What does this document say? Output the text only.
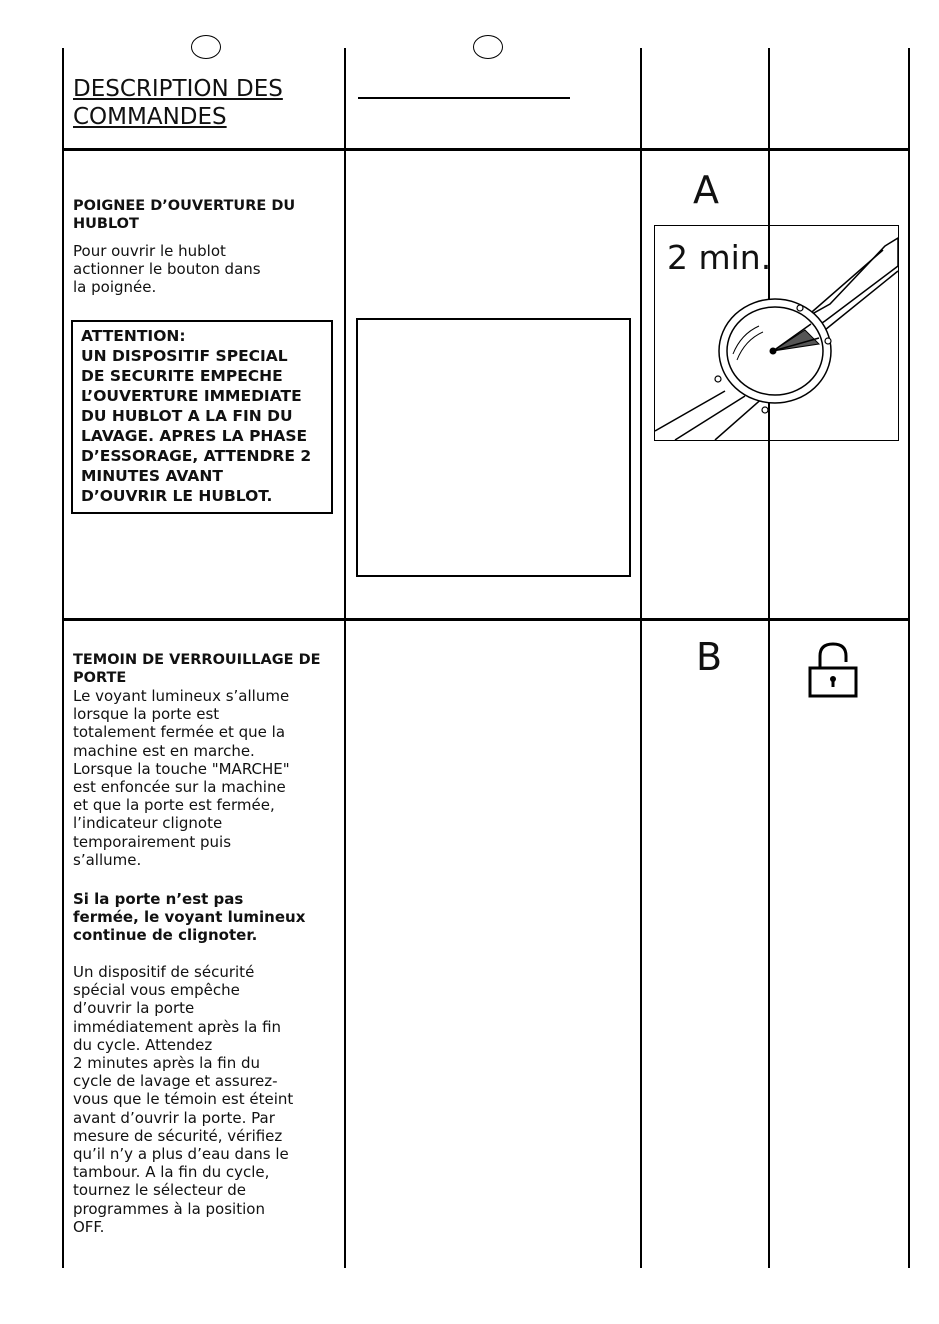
DESCRIPTION DES
COMMANDES
POIGNEE D’OUVERTURE DU
HUBLOT
Pour ouvrir le hublot
actionner le bouton dans
la poignée.
ATTENTION:
UN DISPOSITIF SPECIAL
DE SECURITE EMPECHE
L’OUVERTURE IMMEDIATE
DU HUBLOT A LA FIN DU
LAVAGE. APRES LA PHASE
D’ESSORAGE, ATTENDRE 2
MINUTES AVANT
D’OUVRIR LE HUBLOT.
A
2 min.
TEMOIN DE VERROUILLAGE DE
PORTE
Le voyant lumineux s’allume
lorsque la porte est
totalement fermée et que la
machine est en marche.
Lorsque la touche "MARCHE"
est enfoncée sur la machine
et que la porte est fermée,
l’indicateur clignote
temporairement puis
s’allume.
Si la porte n’est pas
fermée, le voyant lumineux
continue de clignoter.
Un dispositif de sécurité
spécial vous empêche
d’ouvrir la porte
immédiatement après la fin
du cycle. Attendez
2 minutes après la fin du
cycle de lavage et assurez-
vous que le témoin est éteint
avant d’ouvrir la porte. Par
mesure de sécurité, vérifiez
qu’il n’y a plus d’eau dans le
tambour. A la fin du cycle,
tournez le sélecteur de
programmes à la position
OFF.
B
